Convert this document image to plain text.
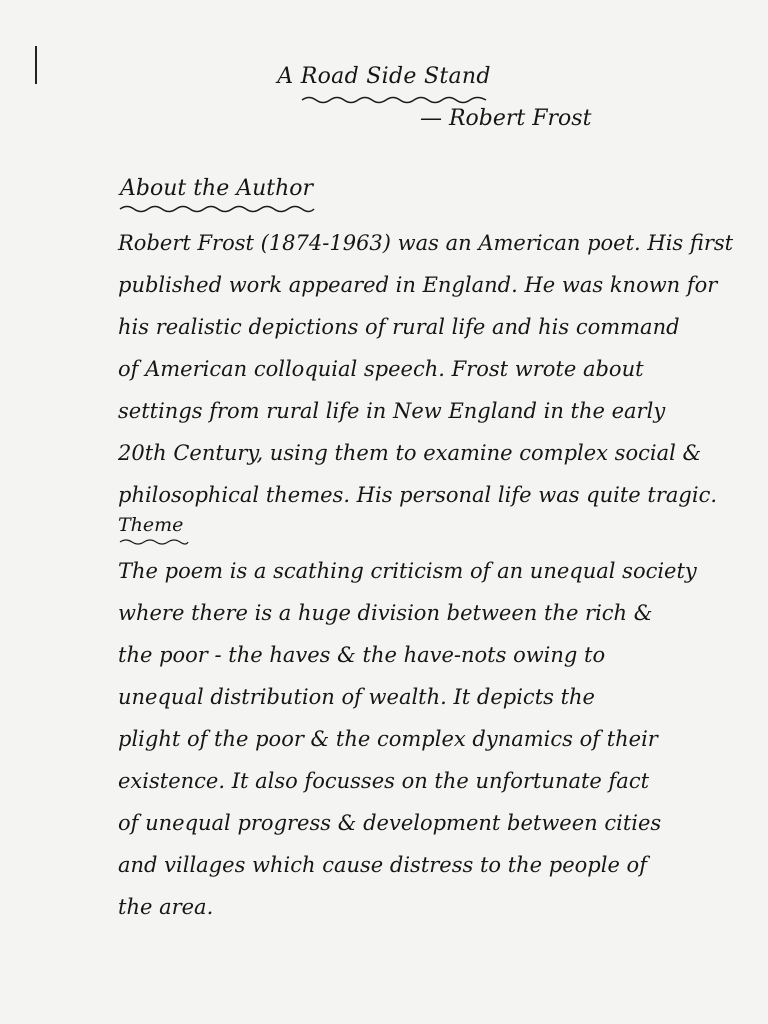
A Road Side Stand
— Robert Frost
About the Author
Robert Frost (1874-1963) was an American poet. His first
published work appeared in England. He was known for
his realistic depictions of rural life and his command
of American colloquial speech. Frost wrote about
settings from rural life in New England in the early
20th Century, using them to examine complex social &
philosophical themes. His personal life was quite tragic.
Theme
The poem is a scathing criticism of an unequal society
where there is a huge division between the rich &
the poor - the haves & the have-nots owing to
unequal distribution of wealth. It depicts the
plight of the poor & the complex dynamics of their
existence. It also focusses on the unfortunate fact
of unequal progress & development between cities
and villages which cause distress to the people of
the area.
